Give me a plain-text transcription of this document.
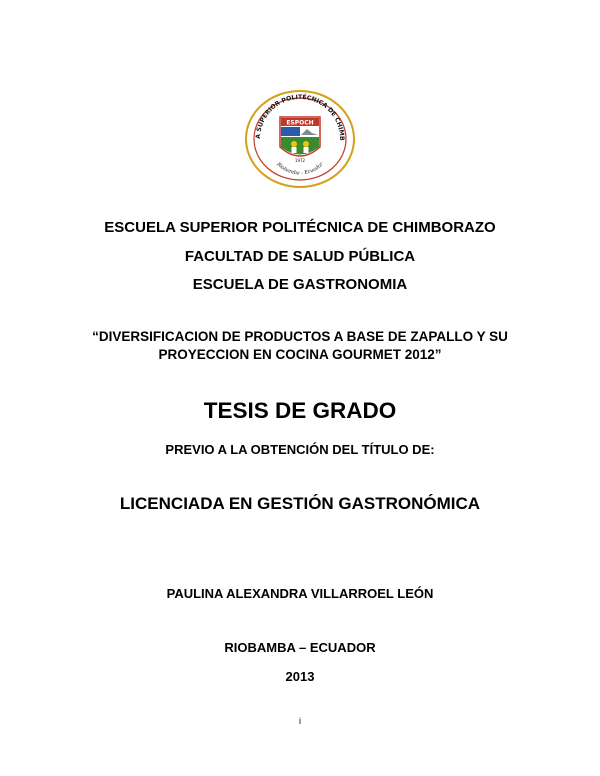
A SUPERIOR POLITÉCNICA DE CHIMB
ESPOCH
1972
Riobamba - Ecuador
ESCUELA SUPERIOR POLITÉCNICA DE CHIMBORAZO
FACULTAD DE SALUD PÚBLICA
ESCUELA DE GASTRONOMIA
“DIVERSIFICACION DE PRODUCTOS A BASE DE ZAPALLO Y SU
PROYECCION EN COCINA GOURMET 2012”
TESIS DE GRADO
PREVIO A LA OBTENCIÓN DEL TÍTULO DE:
LICENCIADA EN GESTIÓN GASTRONÓMICA
PAULINA ALEXANDRA VILLARROEL LEÓN
RIOBAMBA – ECUADOR
2013
i
